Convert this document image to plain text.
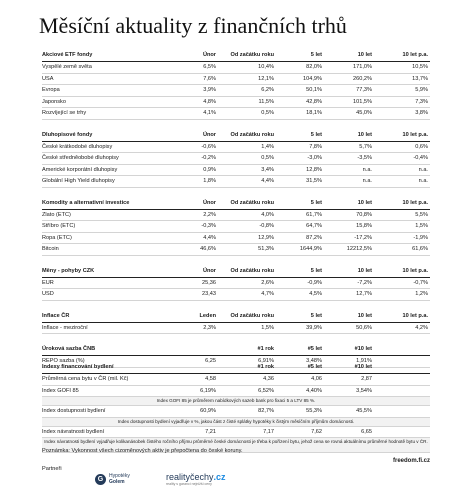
Měsíční aktuality z finančních trhů
Akciové ETF fondy	Únor	Od začátku roku	5 let	10 let	10 let p.a.
Vyspělé země světa	6,5%	10,4%	82,0%	171,0%	10,5%
USA	7,6%	12,1%	104,9%	260,2%	13,7%
Evropa	3,9%	6,2%	50,1%	77,3%	5,9%
Japonsko	4,8%	11,5%	42,8%	101,5%	7,3%
Rozvíjející se trhy	4,1%	0,5%	18,1%	45,0%	3,8%
Dluhopisové fondy	Únor	Od začátku roku	5 let	10 let	10 let p.a.
České krátkodobé dluhopisy	-0,6%	1,4%	7,8%	5,7%	0,6%
České středněobobé dluhopisy	-0,2%	0,5%	-3,0%	-3,5%	-0,4%
Americké korporátní dluhopisy	0,9%	3,4%	12,8%	n.a.	n.a.
Globální High Yield dluhopisy	1,8%	4,4%	31,5%	n.a.	n.a.
Komodity a alternativní investice	Únor	Od začátku roku	5 let	10 let	10 let p.a.
Zlato (ETC)	2,2%	4,0%	61,7%	70,8%	5,5%
Stříbro (ETC)	-0,3%	-0,8%	64,7%	15,8%	1,5%
Ropa (ETC)	4,4%	12,9%	87,2%	-17,2%	-1,9%
Bitcoin	46,6%	51,3%	1644,9%	12212,5%	61,6%
Měny - pohyby CZK	Únor	Od začátku roku	5 let	10 let	10 let p.a.
EUR	25,36	2,6%	-0,9%	-7,2%	-0,7%
USD	23,43	4,7%	4,5%	12,7%	1,2%
Inflace ČR	Leden	Od začátku roku	5 let	10 let	10 let p.a.
Inflace - meziroční	2,3%	1,5%	39,9%	50,6%	4,2%
Úroková sazba ČNB	#1 rok	#5 let	#10 let
REPO sazba (%)	6,25	6,91%	3,48%	1,91%
Indexy financování bydlení	#1 rok	#5 let	#10 let
Průměrná cena bytu v ČR (mil. Kč)	4,58	4,36	4,06	2,87
Index GOFI 85	6,19%	6,52%	4,40%	3,54%
Index GOFI 85 je průměrem nabídkových sazeb bank pro fixaci 5 a LTV 85 %.
Index dostupnosti bydlení	60,9%	82,7%	55,3%	45,5%
Index dostupnosti bydlení vyjadřuje v %, jakou část z čisté splátky hypotéky k čistým měsíčním příjmům domácnosti.
Index návratnosti bydlení	7,21	7,17	7,62	6,65
Index návratnosti bydlení vyjadřuje kolikanásobek čistého ročního příjmu průměrné české domácnosti je třeba k pořízení bytu, jehož cena se rovná aktuálnímu průměrné hodnotě bytu v ČR.
Poznámka: Vykonnost všech cizoměnových aktiv je přepočtena do české koruny.
freedom.fi.cz
Partneři
G	Hypotéky
Golem	realityčechy.cz
reality s garancí nejnižší ceny
